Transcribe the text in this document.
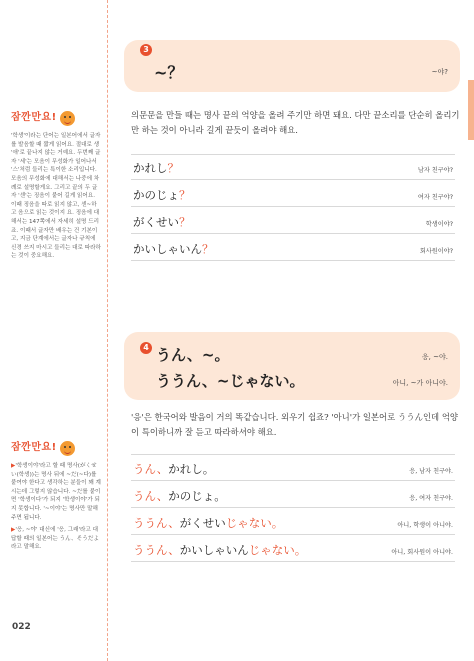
잠깐만요!
'학생'이라는 단어는 일본어에서 글자를 발음할 때 짧게 읽어요. 절대로 생 '애'로 끝나지 않는 거예요. 두번째 글자 '세'는 모음이 무성화가 일어나서 '스'처럼 들리는 특이한 소리입니다. 모음의 무성화에 대해서는 나중에 차례로 설명할게요. 그리고 끝의 두 글자 '센'는 징음이 붙어 길게 읽어요. 이때 징음을 따로 읽지 않고, 센~하고 음으로 읽는 것이지 요. 징음에 대해서는 147쪽에서 자세히 설명 드리죠. 이때서 글자만 배우는 건 기본이고, 지금 단계에서는 글자나 규칙에 신경 쓰지 마시고 들리는 대로 따라하는 것이 중요해요.
잠깐만요!
▶'학생이야'라고 할 때 명사(がくせい(학생))는 명사 뒤에 ~だ(~다)를 붙여야 한다고 생각하는 분들이 꽤 계시는데 그렇지 않습니다. ~だ를 붙이면 '학생이다'가 되지 '학생이야'가 되지 못합니다. '~이야'는 명사만 말해주면 됩니다.
▶'응, ~야' 대신에 '응, 그래'라고 대답할 때의 일본어는 うん、そうだよ라고 말해요.
3
~？	~야?
의문문을 만들 때는 명사 끝의 억양을 올려 주기만 하면 돼요. 다만 끝소리를 단순히 올리기만 하는 것이 아니라 길게 끝듯이 올려야 해요.
かれし？	남자 친구야?
かのじょ？	여자 친구야?
がくせい？	학생이야?
かいしゃいん？	회사원이야?
4 うん、~。	응, ~야.
ううん、~じゃない。	아니, ~가 아니야.
'응'은 한국어와 발음이 거의 똑같습니다. 외우기 쉽죠? '아니'가 일본어로 ううん인데 억양이 특이하니까 잘 듣고 따라하셔야 해요.
うん、かれし。	응, 남자 친구야.
うん、かのじょ。	응, 여자 친구야.
ううん、がくせいじゃない。	아니, 학생이 아니야.
ううん、かいしゃいんじゃない。	아니, 회사원이 아니야.
022
